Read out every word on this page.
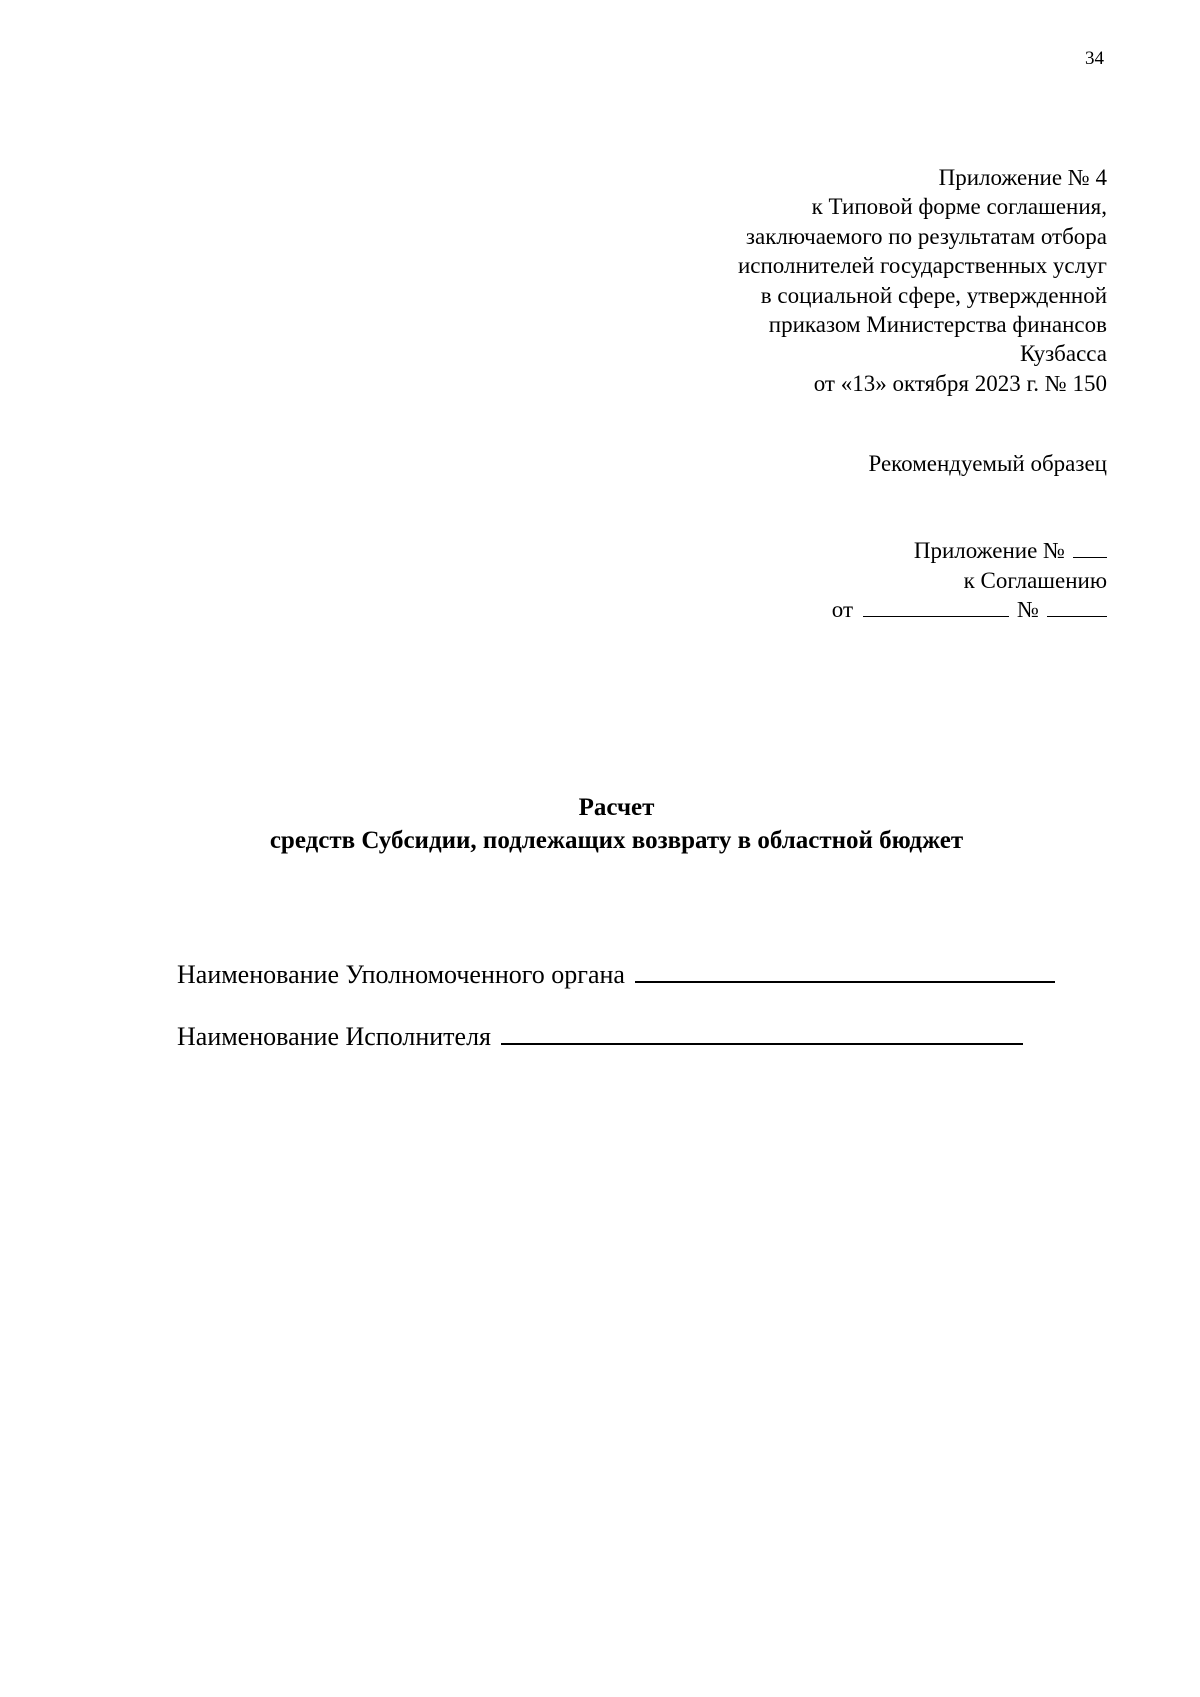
34
Приложение № 4
к Типовой форме соглашения,
заключаемого по результатам отбора
исполнителей государственных услуг
в социальной сфере, утвержденной
приказом Министерства финансов
Кузбасса
от «13» октября 2023 г. № 150
Рекомендуемый образец
Приложение №
к Соглашению
от	№
Расчет
средств Субсидии, подлежащих возврату в областной бюджет
Наименование Уполномоченного органа
Наименование Исполнителя
